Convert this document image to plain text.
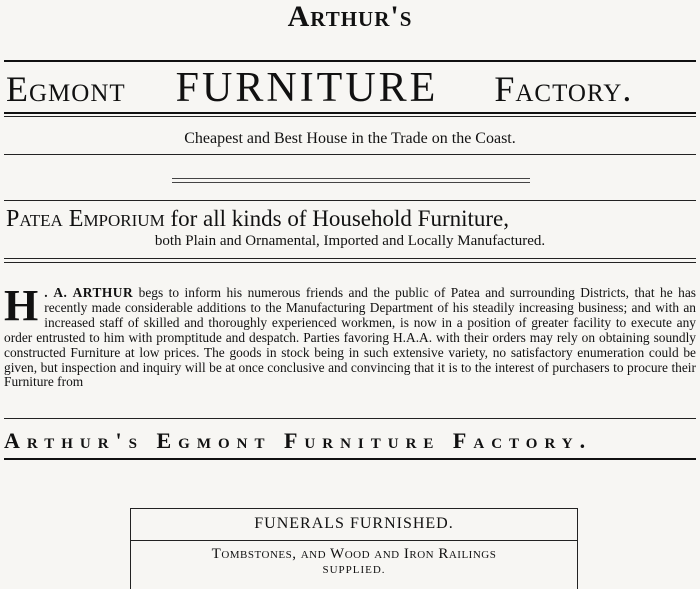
Arthur's
Egmont FURNITURE Factory.
Cheapest and Best House in the Trade on the Coast.
Patea Emporium for all kinds of Household Furniture,
both Plain and Ornamental, Imported and Locally Manufactured.
H . A. ARTHUR begs to inform his numerous friends and the public of Patea and surrounding Districts, that he has recently made considerable additions to the Manufacturing Department of his steadily increasing business; and with an increased staff of skilled and thoroughly experienced workmen, is now in a position of greater facility to execute any order entrusted to him with promptitude and despatch. Parties favoring H.A.A. with their orders may rely on obtaining soundly constructed Furniture at low prices. The goods in stock being in such extensive variety, no satisfactory enumeration could be given, but inspection and inquiry will be at once conclusive and convincing that it is to the interest of purchasers to procure their Furniture from
Arthur's Egmont Furniture Factory.
FUNERALS FURNISHED.
Tombstones, and Wood and Iron Railings
SUPPLIED.
